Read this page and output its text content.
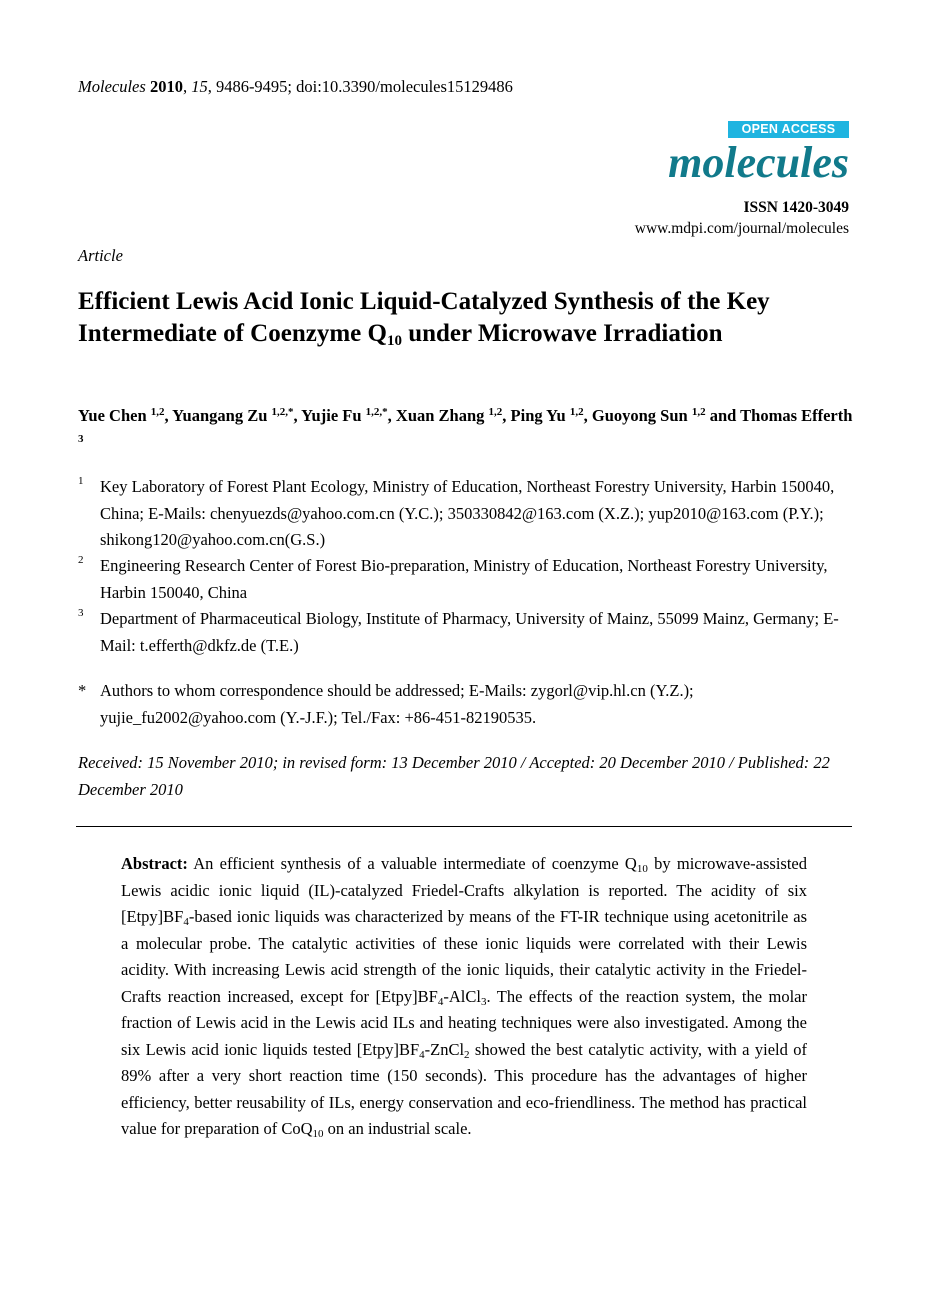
Molecules 2010, 15, 9486-9495; doi:10.3390/molecules15129486
OPEN ACCESS
molecules
ISSN 1420-3049
www.mdpi.com/journal/molecules
Article
Efficient Lewis Acid Ionic Liquid-Catalyzed Synthesis of the Key Intermediate of Coenzyme $Q_{10}$ under Microwave Irradiation
Yue Chen $^{1,2}$, Yuangang Zu $^{1,2,*}$, Yujie Fu $^{1,2,*}$, Xuan Zhang $^{1,2}$, Ping Yu $^{1,2}$, Guoyong Sun $^{1,2}$ and Thomas Efferth $^3$
1 Key Laboratory of Forest Plant Ecology, Ministry of Education, Northeast Forestry University, Harbin 150040, China; E-Mails: chenyuezds@yahoo.com.cn (Y.C.); 350330842@163.com (X.Z.); yup2010@163.com (P.Y.); shikong120@yahoo.com.cn(G.S.)
2 Engineering Research Center of Forest Bio-preparation, Ministry of Education, Northeast Forestry University, Harbin 150040, China
3 Department of Pharmaceutical Biology, Institute of Pharmacy, University of Mainz, 55099 Mainz, Germany; E-Mail: t.efferth@dkfz.de (T.E.)
* Authors to whom correspondence should be addressed; E-Mails: zygorl@vip.hl.cn (Y.Z.); yujie_fu2002@yahoo.com (Y.-J.F.); Tel./Fax: +86-451-82190535.
Received: 15 November 2010; in revised form: 13 December 2010 / Accepted: 20 December 2010 / Published: 22 December 2010
Abstract: An efficient synthesis of a valuable intermediate of coenzyme $Q_{10}$ by microwave-assisted Lewis acidic ionic liquid (IL)-catalyzed Friedel-Crafts alkylation is reported. The acidity of six $[Etpy]BF_4$-based ionic liquids was characterized by means of the FT-IR technique using acetonitrile as a molecular probe. The catalytic activities of these ionic liquids were correlated with their Lewis acidity. With increasing Lewis acid strength of the ionic liquids, their catalytic activity in the Friedel-Crafts reaction increased, except for $[Etpy]BF_4-AlCl_3$. The effects of the reaction system, the molar fraction of Lewis acid in the Lewis acid ILs and heating techniques were also investigated. Among the six Lewis acid ionic liquids tested $[Etpy]BF_4-ZnCl_2$ showed the best catalytic activity, with a yield of 89% after a very short reaction time (150 seconds). This procedure has the advantages of higher efficiency, better reusability of ILs, energy conservation and eco-friendliness. The method has practical value for preparation of CoQ$_{10}$ on an industrial scale.
